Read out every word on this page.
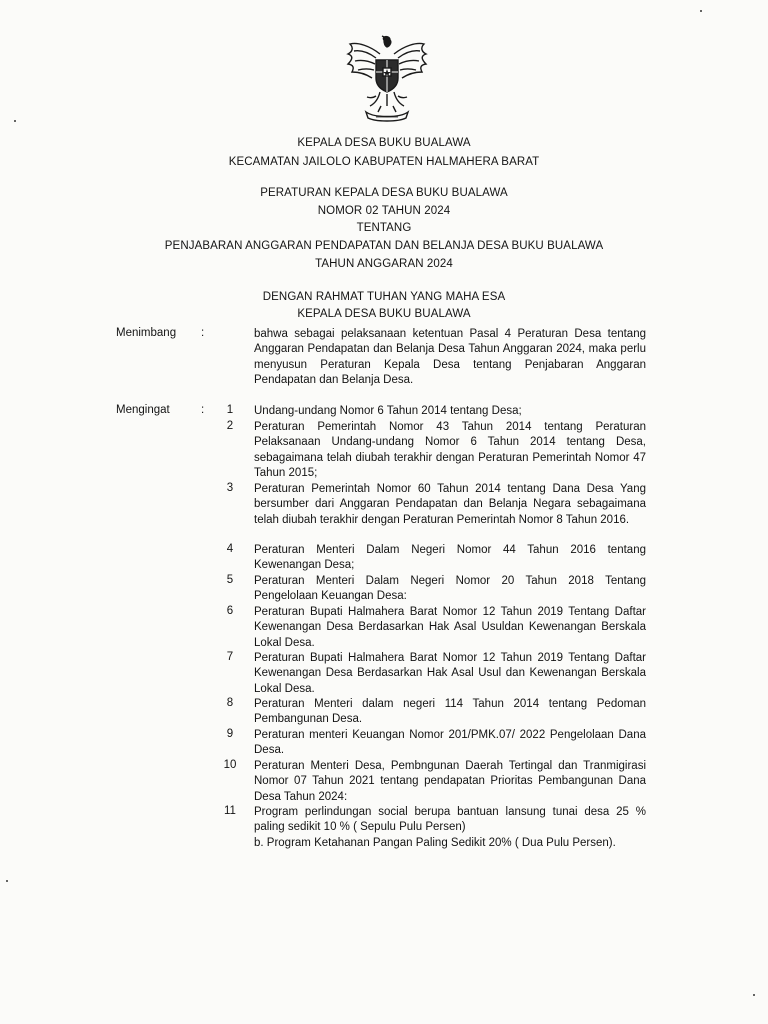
KEPALA DESA BUKU BUALAWA
KECAMATAN JAILOLO KABUPATEN HALMAHERA BARAT
PERATURAN KEPALA DESA BUKU BUALAWA
NOMOR 02 TAHUN 2024
TENTANG
PENJABARAN ANGGARAN PENDAPATAN DAN BELANJA DESA BUKU BUALAWA
TAHUN ANGGARAN 2024
DENGAN RAHMAT TUHAN YANG MAHA ESA
KEPALA DESA BUKU BUALAWA
Menimbang :	bahwa sebagai pelaksanaan ketentuan Pasal 4 Peraturan Desa tentang Anggaran Pendapatan dan Belanja Desa Tahun Anggaran 2024, maka perlu menyusun Peraturan Kepala Desa tentang Penjabaran Anggaran Pendapatan dan Belanja Desa.
Mengingat	:	1	Undang-undang Nomor 6 Tahun 2014 tentang Desa;
2	Peraturan Pemerintah Nomor 43 Tahun 2014 tentang Peraturan Pelaksanaan Undang-undang Nomor 6 Tahun 2014 tentang Desa, sebagaimana telah diubah terakhir dengan Peraturan Pemerintah Nomor 47 Tahun 2015;
3	Peraturan Pemerintah Nomor 60 Tahun 2014 tentang Dana Desa Yang bersumber dari Anggaran Pendapatan dan Belanja Negara sebagaimana telah diubah terakhir dengan Peraturan Pemerintah Nomor 8 Tahun 2016.
4	Peraturan Menteri Dalam Negeri Nomor 44 Tahun 2016 tentang Kewenangan Desa;
5	Peraturan Menteri Dalam Negeri Nomor 20 Tahun 2018 Tentang Pengelolaan Keuangan Desa:
6	Peraturan Bupati Halmahera Barat Nomor 12 Tahun 2019 Tentang Daftar Kewenangan Desa Berdasarkan Hak Asal Usuldan Kewenangan Berskala Lokal Desa.
7	Peraturan Bupati Halmahera Barat Nomor 12 Tahun 2019 Tentang Daftar Kewenangan Desa Berdasarkan Hak Asal Usul dan Kewenangan Berskala Lokal Desa.
8	Peraturan Menteri dalam negeri 114 Tahun 2014 tentang Pedoman Pembangunan Desa.
9	Peraturan menteri Keuangan Nomor 201/PMK.07/ 2022 Pengelolaan Dana Desa.
10	Peraturan Menteri Desa, Pembngunan Daerah Tertingal dan Tranmigirasi Nomor 07 Tahun 2021 tentang pendapatan Prioritas Pembangunan Dana Desa Tahun 2024:
11	Program perlindungan social berupa bantuan lansung tunai desa 25 % paling sedikit 10 % ( Sepulu Pulu Persen)
b. Program Ketahanan Pangan Paling Sedikit 20% ( Dua Pulu Persen).
